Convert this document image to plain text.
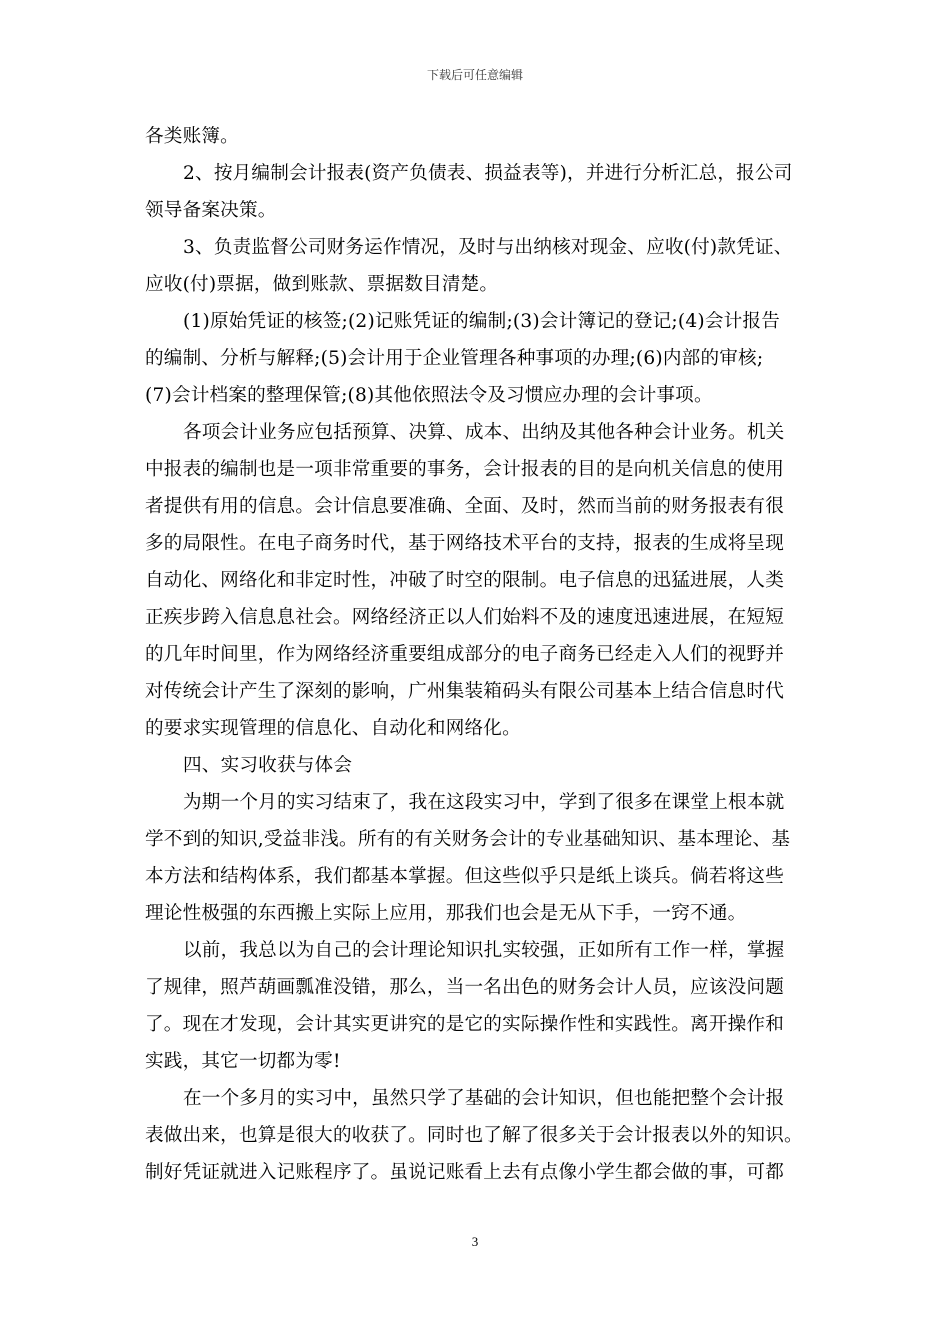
下载后可任意编辑
各类账簿。
2、按月编制会计报表(资产负债表、损益表等)，并进行分析汇总，报公司
领导备案决策。
3、负责监督公司财务运作情况，及时与出纳核对现金、应收(付)款凭证、
应收(付)票据，做到账款、票据数目清楚。
(1)原始凭证的核签;(2)记账凭证的编制;(3)会计簿记的登记;(4)会计报告
的编制、分析与解释;(5)会计用于企业管理各种事项的办理;(6)内部的审核;
(7)会计档案的整理保管;(8)其他依照法令及习惯应办理的会计事项。
各项会计业务应包括预算、决算、成本、出纳及其他各种会计业务。机关
中报表的编制也是一项非常重要的事务，会计报表的目的是向机关信息的使用
者提供有用的信息。会计信息要准确、全面、及时，然而当前的财务报表有很
多的局限性。在电子商务时代，基于网络技术平台的支持，报表的生成将呈现
自动化、网络化和非定时性，冲破了时空的限制。电子信息的迅猛进展，人类
正疾步跨入信息息社会。网络经济正以人们始料不及的速度迅速进展，在短短
的几年时间里，作为网络经济重要组成部分的电子商务已经走入人们的视野并
对传统会计产生了深刻的影响，广州集装箱码头有限公司基本上结合信息时代
的要求实现管理的信息化、自动化和网络化。
四、实习收获与体会
为期一个月的实习结束了，我在这段实习中，学到了很多在课堂上根本就
学不到的知识,受益非浅。所有的有关财务会计的专业基础知识、基本理论、基
本方法和结构体系，我们都基本掌握。但这些似乎只是纸上谈兵。倘若将这些
理论性极强的东西搬上实际上应用，那我们也会是无从下手，一窍不通。
以前，我总以为自己的会计理论知识扎实较强，正如所有工作一样，掌握
了规律，照芦葫画瓢准没错，那么，当一名出色的财务会计人员，应该没问题
了。现在才发现，会计其实更讲究的是它的实际操作性和实践性。离开操作和
实践，其它一切都为零!
在一个多月的实习中，虽然只学了基础的会计知识，但也能把整个会计报
表做出来，也算是很大的收获了。同时也了解了很多关于会计报表以外的知识。
制好凭证就进入记账程序了。虽说记账看上去有点像小学生都会做的事，可都
3
